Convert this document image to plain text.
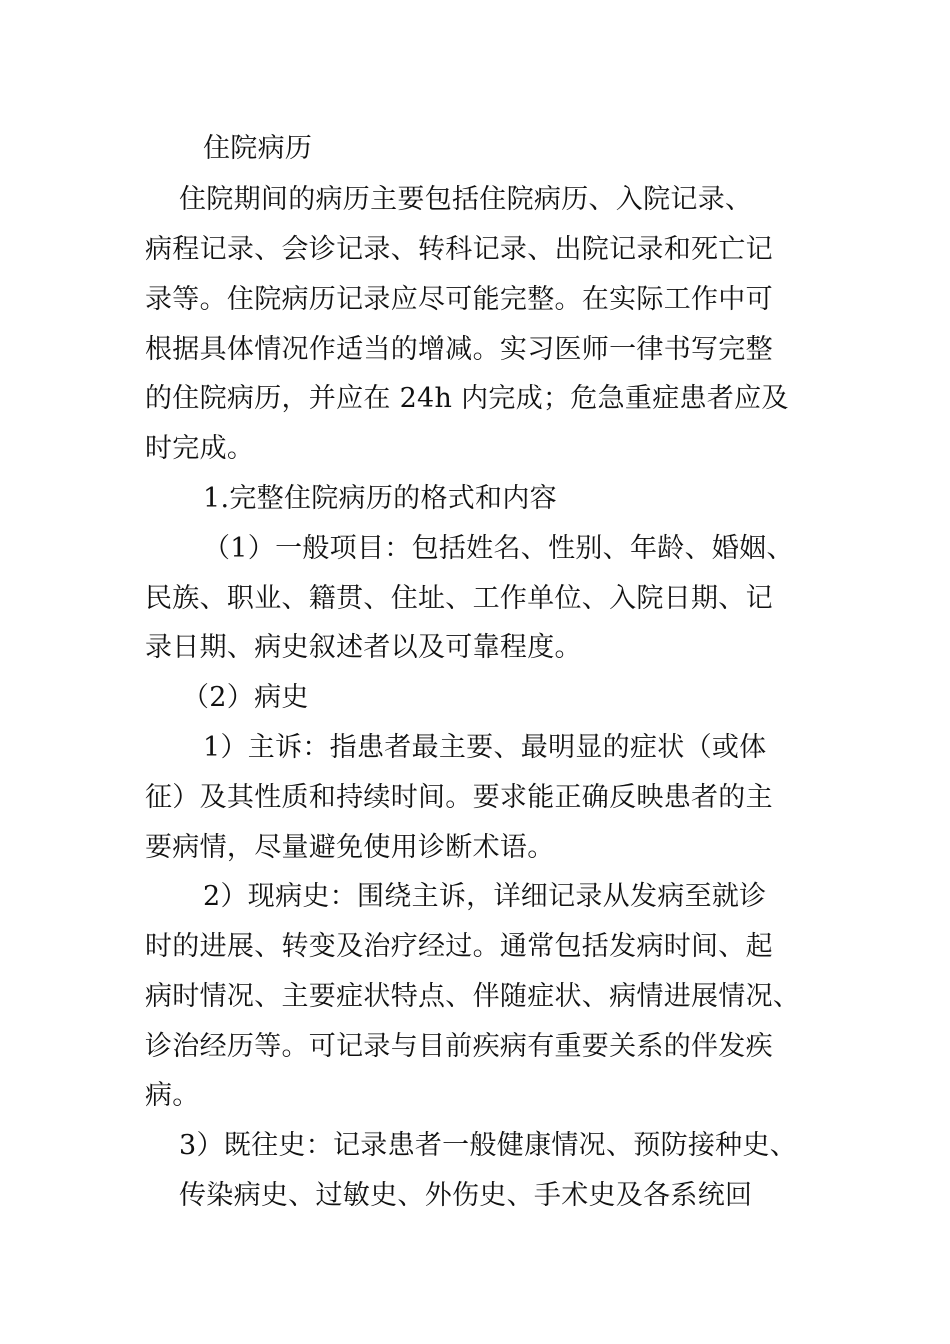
住院病历
住院期间的病历主要包括住院病历、入院记录、
病程记录、会诊记录、转科记录、出院记录和死亡记
录等。住院病历记录应尽可能完整。在实际工作中可
根据具体情况作适当的增减。实习医师一律书写完整
的住院病历，并应在 24h 内完成；危急重症患者应及
时完成。
1.完整住院病历的格式和内容
（1）一般项目：包括姓名、性别、年龄、婚姻、
民族、职业、籍贯、住址、工作单位、入院日期、记
录日期、病史叙述者以及可靠程度。
（2）病史
1）主诉：指患者最主要、最明显的症状（或体
征）及其性质和持续时间。要求能正确反映患者的主
要病情，尽量避免使用诊断术语。
2）现病史：围绕主诉，详细记录从发病至就诊
时的进展、转变及治疗经过。通常包括发病时间、起
病时情况、主要症状特点、伴随症状、病情进展情况、
诊治经历等。可记录与目前疾病有重要关系的伴发疾
病。
3）既往史：记录患者一般健康情况、预防接种史、
传染病史、过敏史、外伤史、手术史及各系统回
